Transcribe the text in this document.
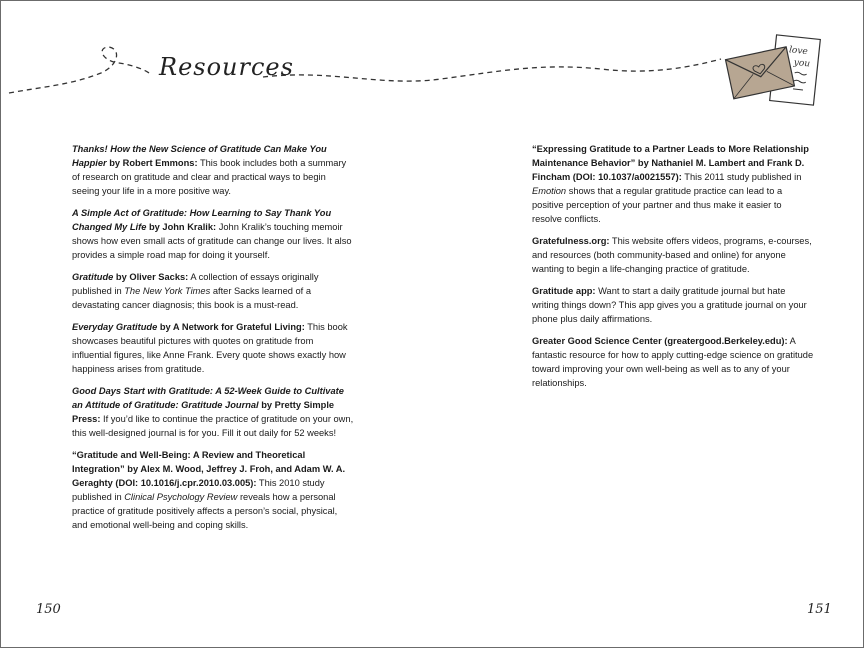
love
you
Resources

Thanks! How the New Science of Gratitude Can Make You Happier by Robert Emmons: This book includes both a summary of research on gratitude and clear and practical ways to begin seeing your life in a more positive way.

A Simple Act of Gratitude: How Learning to Say Thank You Changed My Life by John Kralik: John Kralik’s touching memoir shows how even small acts of gratitude can change our lives. It also provides a simple road map for doing it yourself.

Gratitude by Oliver Sacks: A collection of essays originally published in The New York Times after Sacks learned of a devastating cancer diagnosis; this book is a must-read.

Everyday Gratitude by A Network for Grateful Living: This book showcases beautiful pictures with quotes on gratitude from influential figures, like Anne Frank. Every quote shows exactly how happiness arises from gratitude.

Good Days Start with Gratitude: A 52-Week Guide to Cultivate an Attitude of Gratitude: Gratitude Journal by Pretty Simple Press: If you’d like to continue the practice of gratitude on your own, this well-designed journal is for you. Fill it out daily for 52 weeks!

“Gratitude and Well-Being: A Review and Theoretical Integration” by Alex M. Wood, Jeffrey J. Froh, and Adam W. A. Geraghty (DOI: 10.1016/j.cpr.2010.03.005): This 2010 study published in Clinical Psychology Review reveals how a personal practice of gratitude positively affects a person’s social, physical, and emotional well-being and coping skills.

“Expressing Gratitude to a Partner Leads to More Relationship Maintenance Behavior” by Nathaniel M. Lambert and Frank D. Fincham (DOI: 10.1037/a0021557): This 2011 study published in Emotion shows that a regular gratitude practice can lead to a positive perception of your partner and thus make it easier to resolve conflicts.

Gratefulness.org: This website offers videos, programs, e-courses, and resources (both community-based and online) for anyone wanting to begin a life-changing practice of gratitude.

Gratitude app: Want to start a daily gratitude journal but hate writing things down? This app gives you a gratitude journal on your phone plus daily affirmations.

Greater Good Science Center (greatergood.Berkeley.edu): A fantastic resource for how to apply cutting-edge science on gratitude toward improving your own well-being as well as to any of your relationships.

150	151
